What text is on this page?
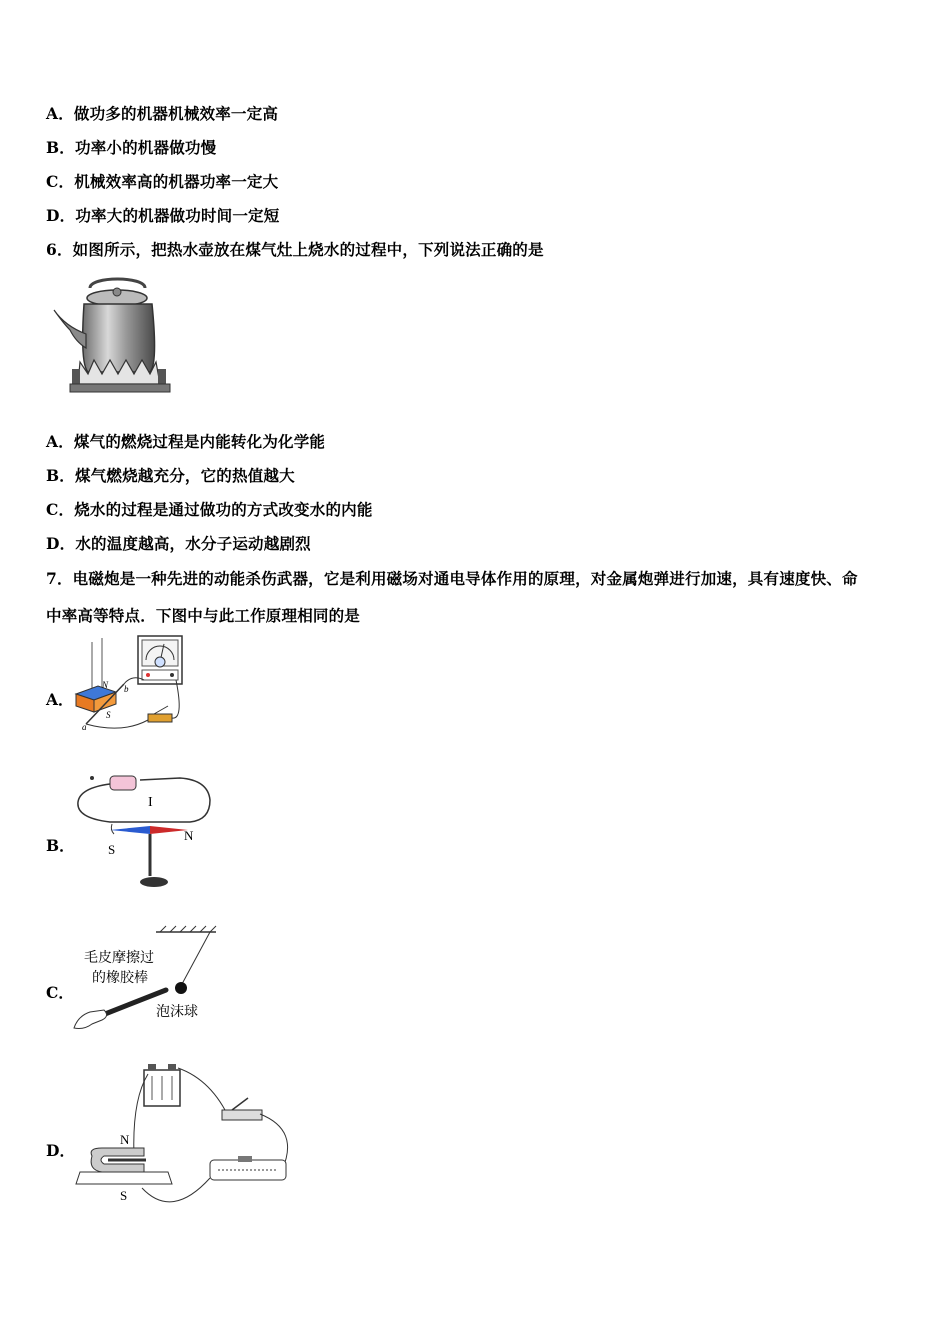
A．做功多的机器机械效率一定高
B．功率小的机器做功慢
C．机械效率高的机器功率一定大
D．功率大的机器做功时间一定短
6．如图所示，把热水壶放在煤气灶上烧水的过程中，下列说法正确的是
A．煤气的燃烧过程是内能转化为化学能
B．煤气燃烧越充分，它的热值越大
C．烧水的过程是通过做功的方式改变水的内能
D．水的温度越高，水分子运动越剧烈
7．电磁炮是一种先进的动能杀伤武器，它是利用磁场对通电导体作用的原理，对金属炮弹进行加速，具有速度快、命
中率高等特点．下图中与此工作原理相同的是
A．
N
S
a
b
B．
I
S
N
C．
毛皮摩擦过
的橡胶棒
泡沫球
D．
N
S
